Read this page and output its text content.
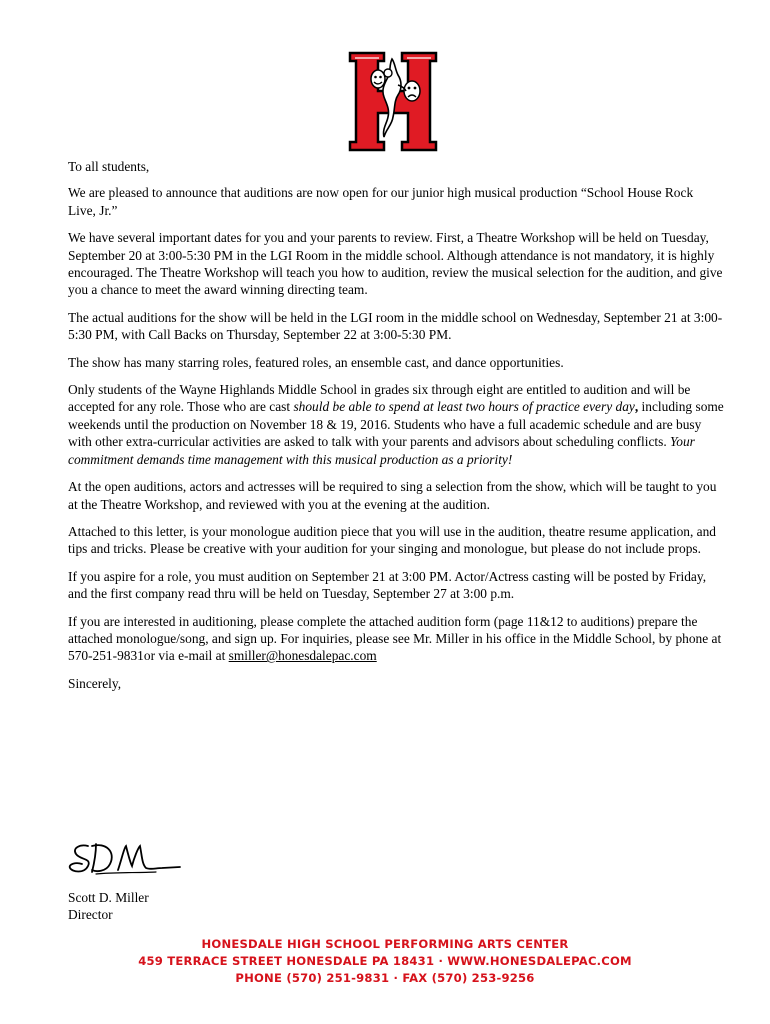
To all students,

We are pleased to announce that auditions are now open for our junior high musical production “School House Rock Live, Jr.”

We have several important dates for you and your parents to review. First, a Theatre Workshop will be held on Tuesday, September 20 at 3:00-5:30 PM in the LGI Room in the middle school. Although attendance is not mandatory, it is highly encouraged. The Theatre Workshop will teach you how to audition, review the musical selection for the audition, and give you a chance to meet the award winning directing team.

The actual auditions for the show will be held in the LGI room in the middle school on Wednesday, September 21 at 3:00-5:30 PM, with Call Backs on Thursday, September 22 at 3:00-5:30 PM.

The show has many starring roles, featured roles, an ensemble cast, and dance opportunities.

Only students of the Wayne Highlands Middle School in grades six through eight are entitled to audition and will be accepted for any role. Those who are cast should be able to spend at least two hours of practice every day, including some weekends until the production on November 18 & 19, 2016. Students who have a full academic schedule and are busy with other extra-curricular activities are asked to talk with your parents and advisors about scheduling conflicts. Your commitment demands time management with this musical production as a priority!

At the open auditions, actors and actresses will be required to sing a selection from the show, which will be taught to you at the Theatre Workshop, and reviewed with you at the evening at the audition.

Attached to this letter, is your monologue audition piece that you will use in the audition, theatre resume application, and tips and tricks. Please be creative with your audition for your singing and monologue, but please do not include props.

If you aspire for a role, you must audition on September 21 at 3:00 PM. Actor/Actress casting will be posted by Friday, and the first company read thru will be held on Tuesday, September 27 at 3:00 p.m.

If you are interested in auditioning, please complete the attached audition form (page 11&12 to auditions) prepare the attached monologue/song, and sign up. For inquiries, please see Mr. Miller in his office in the Middle School, by phone at 570-251-9831or via e-mail at smiller@honesdalepac.com

Sincerely,

Scott D. Miller
Director
HONESDALE HIGH SCHOOL PERFORMING ARTS CENTER
459 TERRACE STREET HONESDALE PA 18431 · WWW.HONESDALEPAC.COM
PHONE (570) 251-9831 · FAX (570) 253-9256
